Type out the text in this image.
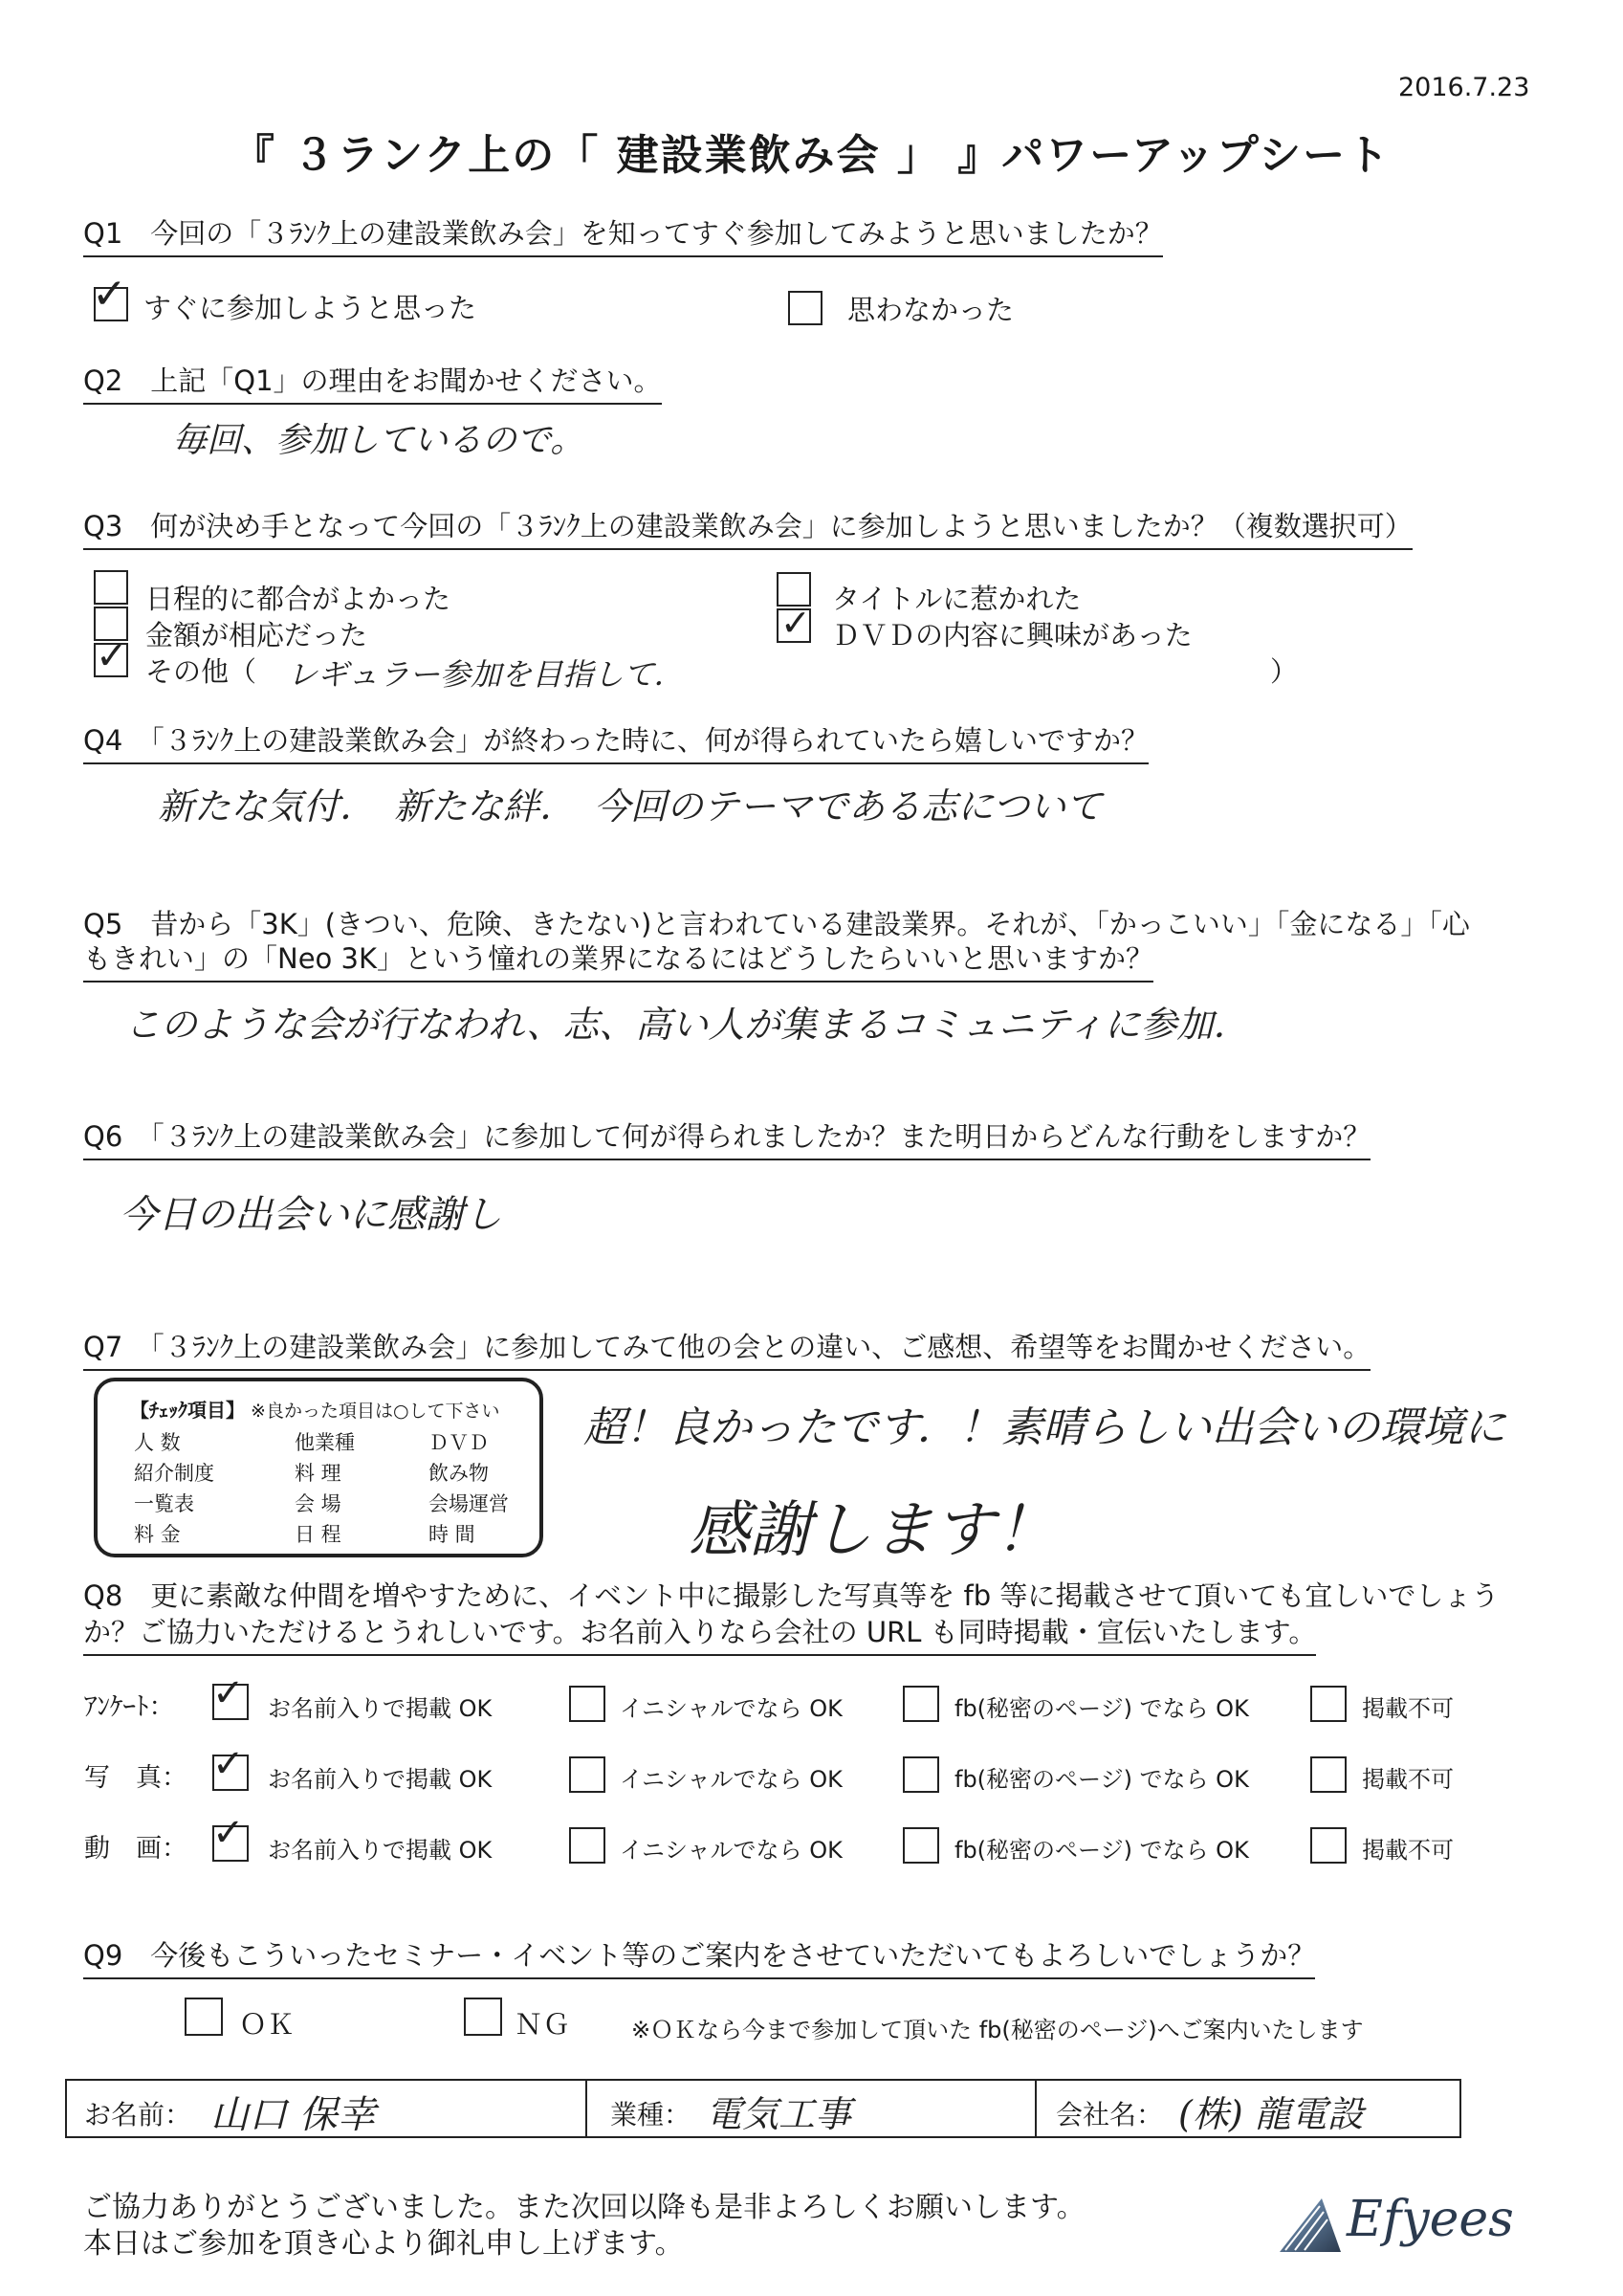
2016.7.23
『 ３ランク上の「 建設業飲み会 」 』パワーアップシート
Q1　今回の「３ﾗﾝｸ上の建設業飲み会」を知ってすぐ参加してみようと思いましたか？
✓ すぐに参加しようと思った	思わなかった
Q2　上記「Q1」の理由をお聞かせください。
毎回、参加しているので。
Q3　何が決め手となって今回の「３ﾗﾝｸ上の建設業飲み会」に参加しようと思いましたか？（複数選択可）
日程的に都合がよかった
金額が相応だった
✓ その他（ レギュラー参加を目指して．	）
タイトルに惹かれた
✓ ＤＶＤの内容に興味があった
Q4　「３ﾗﾝｸ上の建設業飲み会」が終わった時に、何が得られていたら嬉しいですか？
新たな気付．　新たな絆．　今回のテーマである志について
Q5　昔から「3K」(きつい、危険、きたない)と言われている建設業界。それが、「かっこいい」「金になる」「心
もきれい」の「Neo 3K」という憧れの業界になるにはどうしたらいいと思いますか？
このような会が行なわれ、志、高い人が集まるコミュニティに参加．
Q6　「３ﾗﾝｸ上の建設業飲み会」に参加して何が得られましたか？また明日からどんな行動をしますか？
今日の出会いに感謝し
Q7　「３ﾗﾝｸ上の建設業飲み会」に参加してみて他の会との違い、ご感想、希望等をお聞かせください。
【ﾁｪｯｸ項目】 ※良かった項目は○して下さい
人 数	他業種	ＤＶＤ
紹介制度	料 理	飲み物
一覧表	会 場	会場運営
料 金	日 程	時 間
超！良かったです．！素晴らしい出会いの環境に
感謝します！
Q8　更に素敵な仲間を増やすために、イベント中に撮影した写真等を fb 等に掲載させて頂いても宜しいでしょう
か？ご協力いただけるとうれしいです。お名前入りなら会社の URL も同時掲載・宣伝いたします。
ｱﾝｹｰﾄ： ✓ お名前入りで掲載 OK	イニシャルでなら OK	fb(秘密のページ) でなら OK	掲載不可
写　真： ✓ お名前入りで掲載 OK	イニシャルでなら OK	fb(秘密のページ) でなら OK	掲載不可
動　画： ✓ お名前入りで掲載 OK	イニシャルでなら OK	fb(秘密のページ) でなら OK	掲載不可
Q9　今後もこういったセミナー・イベント等のご案内をさせていただいてもよろしいでしょうか？
ＯＫ	ＮＧ	※ＯＫなら今まで参加して頂いた fb(秘密のページ)へご案内いたします
お名前： 山口 保幸	業種： 電気工事	会社名： (株) 龍電設
ご協力ありがとうございました。また次回以降も是非よろしくお願いします。
本日はご参加を頂き心より御礼申し上げます。	Efyees
